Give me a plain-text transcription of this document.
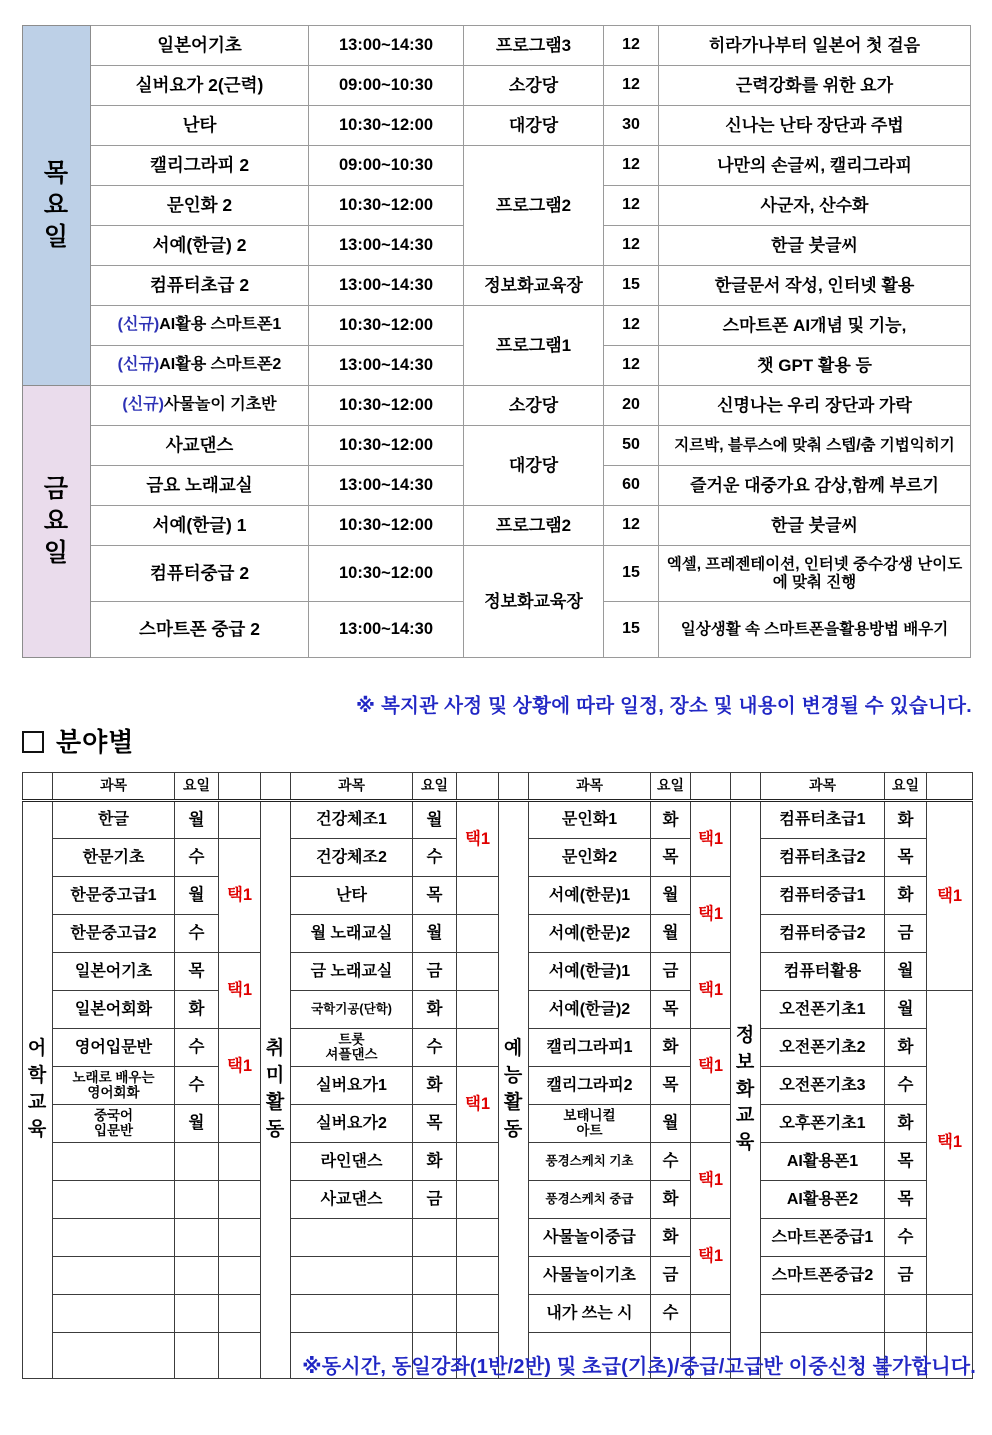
목
요
일	일본어기초	13:00~14:30	프로그램3	12	히라가나부터 일본어 첫 걸음
	실버요가 2(근력)	09:00~10:30	소강당	12	근력강화를 위한 요가
	난타	10:30~12:00	대강당	30	신나는 난타 장단과 주법
	캘리그라피 2	09:00~10:30	프로그램2	12	나만의 손글씨, 캘리그라피
	문인화 2	10:30~12:00		12	사군자, 산수화
	서예(한글) 2	13:00~14:30		12	한글 붓글씨
	컴퓨터초급 2	13:00~14:30	정보화교육장	15	한글문서 작성, 인터넷 활용
	(신규)AI활용 스마트폰1	10:30~12:00	프로그램1	12	스마트폰 AI개념 및 기능,
	(신규)AI활용 스마트폰2	13:00~14:30		12	챗 GPT 활용 등

금
요
일	(신규)사물놀이 기초반	10:30~12:00	소강당	20	신명나는 우리 장단과 가락
	사교댄스	10:30~12:00	대강당	50	지르박, 블루스에 맞춰 스텝/춤 기법익히기
	금요 노래교실	13:00~14:30		60	즐거운 대중가요 감상,함께 부르기
	서예(한글) 1	10:30~12:00	프로그램2	12	한글 붓글씨
	컴퓨터중급 2	10:30~12:00	정보화교육장	15	엑셀, 프레젠테이션, 인터넷 중수강생 난이도에 맞춰 진행
	스마트폰 중급 2	13:00~14:30		15	일상생활 속 스마트폰을활용방법 배우기
※ 복지관 사정 및 상황에 따라 일정, 장소 및 내용이 변경될 수 있습니다.
분야별
	과목	요일			과목	요일			과목	요일			과목	요일	

어
학
교
육	한글	월		취
미
활
동	건강체조1	월	택1	예
능
활
동	문인화1	화	택1	정
보
화
교
육	컴퓨터초급1	화	택1

	한문기초	수	택1		건강체조2	수			문인화2	목			컴퓨터초급2	목	

	한문중고급1	월			난타	목			서예(한문)1	월	택1		컴퓨터중급1	화	

	한문중고급2	수			월 노래교실	월			서예(한문)2	월			컴퓨터중급2	금	

	일본어기초	목	택1		금 노래교실	금			서예(한글)1	금	택1		컴퓨터활용	월	

	일본어회화	화			국학기공(단학)	화			서예(한글)2	목			오전폰기초1	월	택1

	영어입문반	수	택1		트롯
셔플댄스	수			캘리그라피1	화	택1		오전폰기초2	화	

	노래로 배우는
영어회화	수			실버요가1	화	택1		캘리그라피2	목			오전폰기초3	수	

	중국어
입문반	월			실버요가2	목			보태니컬
아트	월			오후폰기초1	화	

					라인댄스	화			풍경스케치 기초	수	택1		AI활용폰1	목	

					사교댄스	금			풍경스케치 중급	화			AI활용폰2	목	

									사물놀이중급	화	택1		스마트폰중급1	수	

									사물놀이기초	금			스마트폰중급2	금	

									내가 쓰는 시	수					

※동시간, 동일강좌(1반/2반) 및 초급(기초)/중급/고급반 이중신청 불가합니다.
